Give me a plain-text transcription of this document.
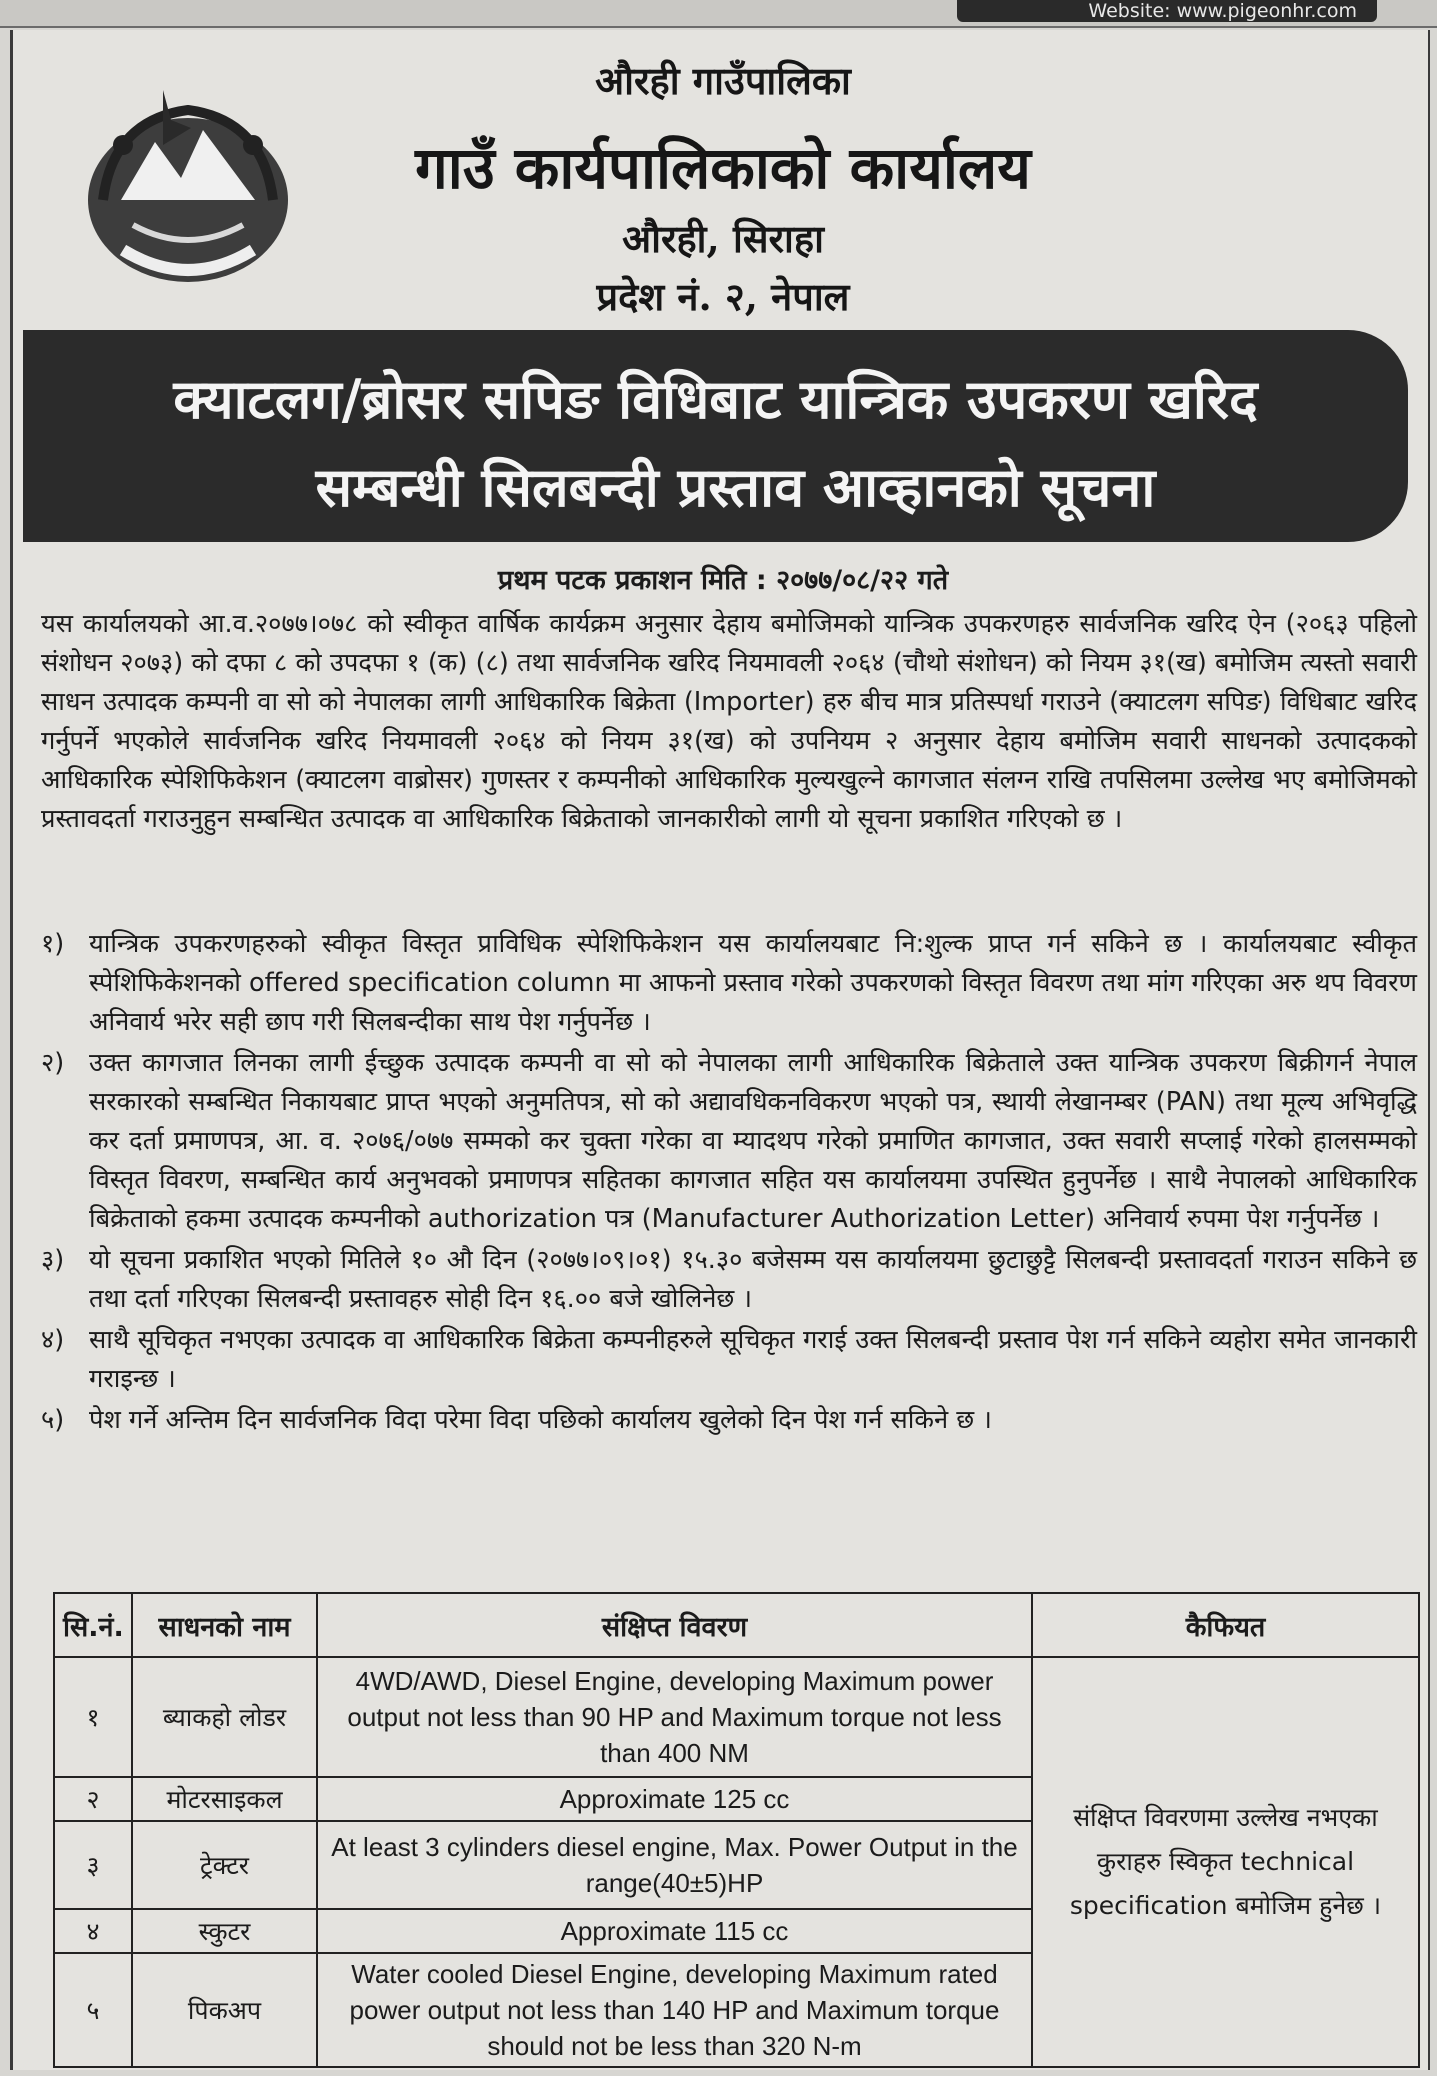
Website: www.pigeonhr.com
औरही गाउँपालिका
गाउँ कार्यपालिकाको कार्यालय
औरही, सिराहा
प्रदेश नं. २, नेपाल
क्याटलग/ब्रोसर सपिङ विधिबाट यान्त्रिक उपकरण खरिद
सम्बन्धी सिलबन्दी प्रस्ताव आव्हानको सूचना
प्रथम पटक प्रकाशन मिति : २०७७/०८/२२ गते
यस कार्यालयको आ.व.२०७७।०७८ को स्वीकृत वार्षिक कार्यक्रम अनुसार देहाय बमोजिमको यान्त्रिक उपकरणहरु सार्वजनिक खरिद ऐन (२०६३ पहिलो संशोधन २०७३) को दफा ८ को उपदफा १ (क) (८) तथा सार्वजनिक खरिद नियमावली २०६४ (चौथो संशोधन) को नियम ३१(ख) बमोजिम त्यस्तो सवारी साधन उत्पादक कम्पनी वा सो को नेपालका लागी आधिकारिक बिक्रेता (Importer) हरु बीच मात्र प्रतिस्पर्धा गराउने (क्याटलग सपिङ) विधिबाट खरिद गर्नुपर्ने भएकोले सार्वजनिक खरिद नियमावली २०६४ को नियम ३१(ख) को उपनियम २ अनुसार देहाय बमोजिम सवारी साधनको उत्पादकको आधिकारिक स्पेशिफिकेशन (क्याटलग वाब्रोसर) गुणस्तर र कम्पनीको आधिकारिक मुल्यखुल्ने कागजात संलग्न राखि तपसिलमा उल्लेख भए बमोजिमको प्रस्तावदर्ता गराउनुहुन सम्बन्धित उत्पादक वा आधिकारिक बिक्रेताको जानकारीको लागी यो सूचना प्रकाशित गरिएको छ ।
१) यान्त्रिक उपकरणहरुको स्वीकृत विस्तृत प्राविधिक स्पेशिफिकेशन यस कार्यालयबाट नि:शुल्क प्राप्त गर्न सकिने छ । कार्यालयबाट स्वीकृत स्पेशिफिकेशनको offered specification column मा आफनो प्रस्ताव गरेको उपकरणको विस्तृत विवरण तथा मांग गरिएका अरु थप विवरण अनिवार्य भरेर सही छाप गरी सिलबन्दीका साथ पेश गर्नुपर्नेछ ।
२) उक्त कागजात लिनका लागी ईच्छुक उत्पादक कम्पनी वा सो को नेपालका लागी आधिकारिक बिक्रेताले उक्त यान्त्रिक उपकरण बिक्रीगर्न नेपाल सरकारको सम्बन्धित निकायबाट प्राप्त भएको अनुमतिपत्र, सो को अद्यावधिकनविकरण भएको पत्र, स्थायी लेखानम्बर (PAN) तथा मूल्य अभिवृद्धि कर दर्ता प्रमाणपत्र, आ. व. २०७६/०७७ सम्मको कर चुक्ता गरेका वा म्यादथप गरेको प्रमाणित कागजात, उक्त सवारी सप्लाई गरेको हालसम्मको विस्तृत विवरण, सम्बन्धित कार्य अनुभवको प्रमाणपत्र सहितका कागजात सहित यस कार्यालयमा उपस्थित हुनुपर्नेछ । साथै नेपालको आधिकारिक बिक्रेताको हकमा उत्पादक कम्पनीको authorization पत्र (Manufacturer Authorization Letter) अनिवार्य रुपमा पेश गर्नुपर्नेछ ।
३) यो सूचना प्रकाशित भएको मितिले १० औ दिन (२०७७।०९।०१) १५.३० बजेसम्म यस कार्यालयमा छुटाछुट्टै सिलबन्दी प्रस्तावदर्ता गराउन सकिने छ तथा दर्ता गरिएका सिलबन्दी प्रस्तावहरु सोही दिन १६.०० बजे खोलिनेछ ।
४) साथै सूचिकृत नभएका उत्पादक वा आधिकारिक बिक्रेता कम्पनीहरुले सूचिकृत गराई उक्त सिलबन्दी प्रस्ताव पेश गर्न सकिने व्यहोरा समेत जानकारी गराइन्छ ।
५) पेश गर्ने अन्तिम दिन सार्वजनिक विदा परेमा विदा पछिको कार्यालय खुलेको दिन पेश गर्न सकिने छ ।
सि.नं.	साधनको नाम	संक्षिप्त विवरण	कैफियत
१	ब्याकहो लोडर	4WD/AWD, Diesel Engine, developing Maximum power output not less than 90 HP and Maximum torque not less than 400 NM	संक्षिप्त विवरणमा उल्लेख नभएका कुराहरु स्विकृत technical specification बमोजिम हुनेछ ।
२	मोटरसाइकल	Approximate 125 cc	
३	ट्रेक्टर	At least 3 cylinders diesel engine, Max. Power Output in the range(40±5)HP	
४	स्कुटर	Approximate 115 cc	
५	पिकअप	Water cooled Diesel Engine, developing Maximum rated power output not less than 140 HP and Maximum torque should not be less than 320 N-m	
